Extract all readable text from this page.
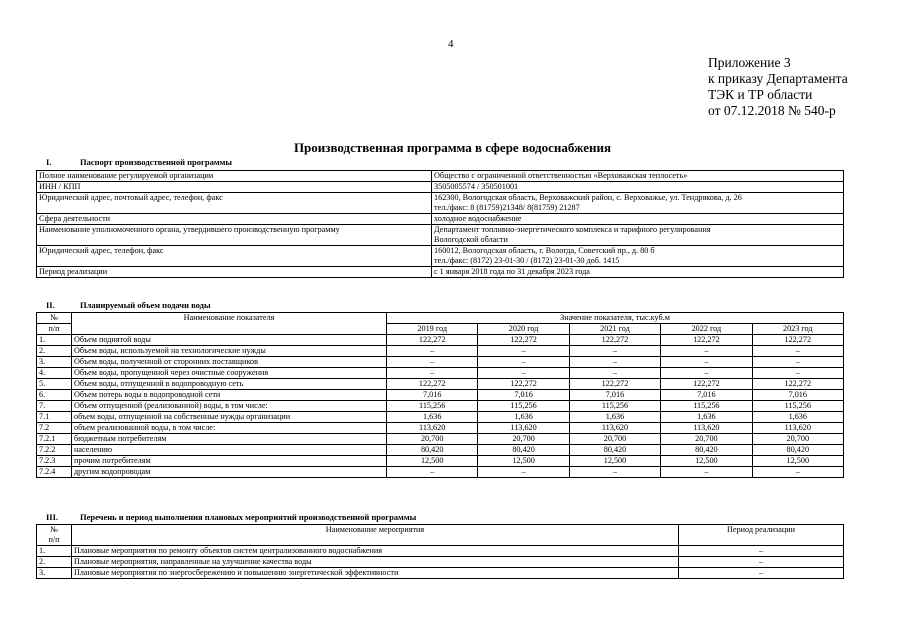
4
Приложение 3
к приказу Департамента
ТЭК и ТР области
от 07.12.2018 № 540-р
Производственная программа в сфере водоснабжения
I.	Паспорт производственной программы
Полное наименование регулируемой организации	Общество с ограниченной ответственностью «Верховажская теплосеть»

ИНН / КПП	3505005574 / 350501001

Юридический адрес, почтовый адрес, телефон, факс	162300, Вологодская область, Верховажский район, с. Верховажье, ул. Тендрякова, д. 26
тел./факс: 8 (81759)21348/ 8(81759) 21287

Сфера деятельности	холодное водоснабжение

Наименование уполномоченного органа, утвердившего производственную программу	Департамент топливно-энергетического комплекса и тарифного регулирования
Вологодской области

Юридический адрес, телефон, факс	160012, Вологодская область, г. Вологда, Советский пр., д. 80 б
тел./факс: (8172) 23-01-30 / (8172) 23-01-30 доб. 1415

Период реализации	с 1 января 2018 года по 31 декабря 2023 года
II.	Планируемый объем подачи воды
№	Наименование показателя	Значение показателя, тыс.куб.м				
п/п		2019 год	2020 год	2021 год	2022 год	2023 год
1.	Объем поднятой воды	122,272	122,272	122,272	122,272	122,272
2.	Объем воды, используемой на технологические нужды	–	–	–	–	–
3.	Объем воды, полученной от сторонних поставщиков	–	–	–	–	–
4.	Объем воды, пропущенной через очистные сооружения	–	–	–	–	–
5.	Объем воды, отпущенной в водопроводную сеть	122,272	122,272	122,272	122,272	122,272
6.	Объем потерь воды в водопроводной сети	7,016	7,016	7,016	7,016	7,016
7.	Объем отпущенной (реализованной) воды, в том числе:	115,256	115,256	115,256	115,256	115,256
7.1	объем воды, отпущенной на собственные нужды организации	1,636	1,636	1,636	1,636	1,636
7.2	объем реализованной воды, в том числе:	113,620	113,620	113,620	113,620	113,620
7.2.1	бюджетным потребителям	20,700	20,700	20,700	20,700	20,700
7.2.2	населению	80,420	80,420	80,420	80,420	80,420
7.2.3	прочим потребителям	12,500	12,500	12,500	12,500	12,500
7.2.4	другим водопроводам	–	–	–	–	–
III.	Перечень и период выполнения плановых мероприятий производственной программы
№
п/п	Наименование мероприятия	Период реализации
1.	Плановые мероприятия по ремонту объектов систем централизованного водоснабжения	–
2.	Плановые мероприятия, направленные на улучшение качества воды	–
3.	Плановые мероприятия по энергосбережению и повышению энергетической эффективности	–
